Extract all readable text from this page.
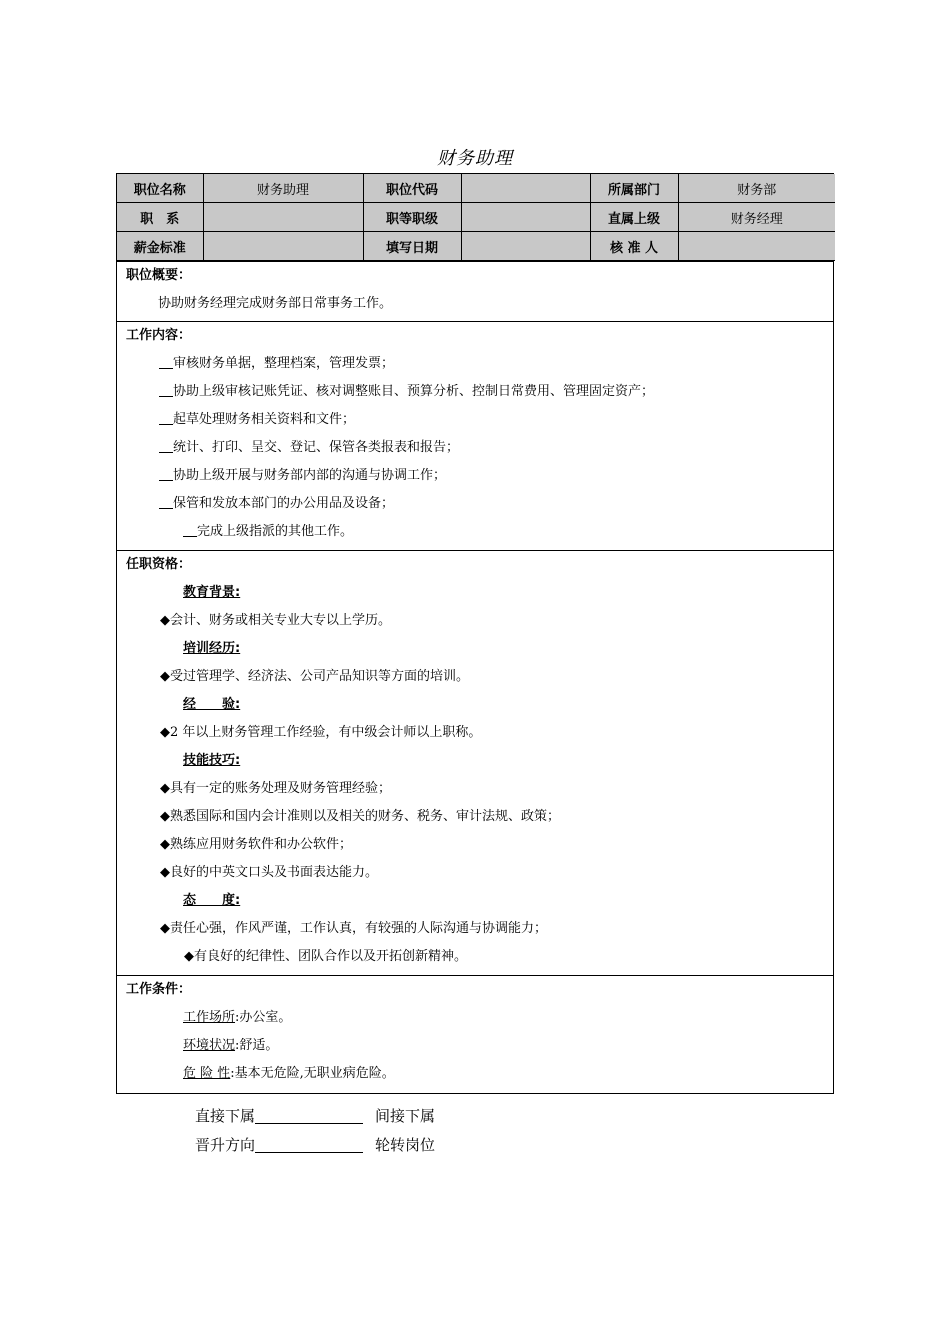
财务助理
职位名称	财务助理	职位代码		所属部门	财务部
职　系		职等职级		直属上级	财务经理
薪金标准		填写日期		核 准 人	
职位概要：
协助财务经理完成财务部日常事务工作。
工作内容：
审核财务单据，整理档案，管理发票；
协助上级审核记账凭证、核对调整账目、预算分析、控制日常费用、管理固定资产；
起草处理财务相关资料和文件；
统计、打印、呈交、登记、保管各类报表和报告；
协助上级开展与财务部内部的沟通与协调工作；
保管和发放本部门的办公用品及设备；
完成上级指派的其他工作。
任职资格：
教育背景:
◆会计、财务或相关专业大专以上学历。
培训经历:
◆受过管理学、经济法、公司产品知识等方面的培训。
经　　验:
◆2 年以上财务管理工作经验，有中级会计师以上职称。
技能技巧:
◆具有一定的账务处理及财务管理经验；
◆熟悉国际和国内会计准则以及相关的财务、税务、审计法规、政策；
◆熟练应用财务软件和办公软件；
◆良好的中英文口头及书面表达能力。
态　　度:
◆责任心强，作风严谨，工作认真，有较强的人际沟通与协调能力；
◆有良好的纪律性、团队合作以及开拓创新精神。
工作条件：
工作场所:办公室。
环境状况:舒适。
危 险 性:基本无危险,无职业病危险。
直接下属	间接下属
晋升方向	轮转岗位
